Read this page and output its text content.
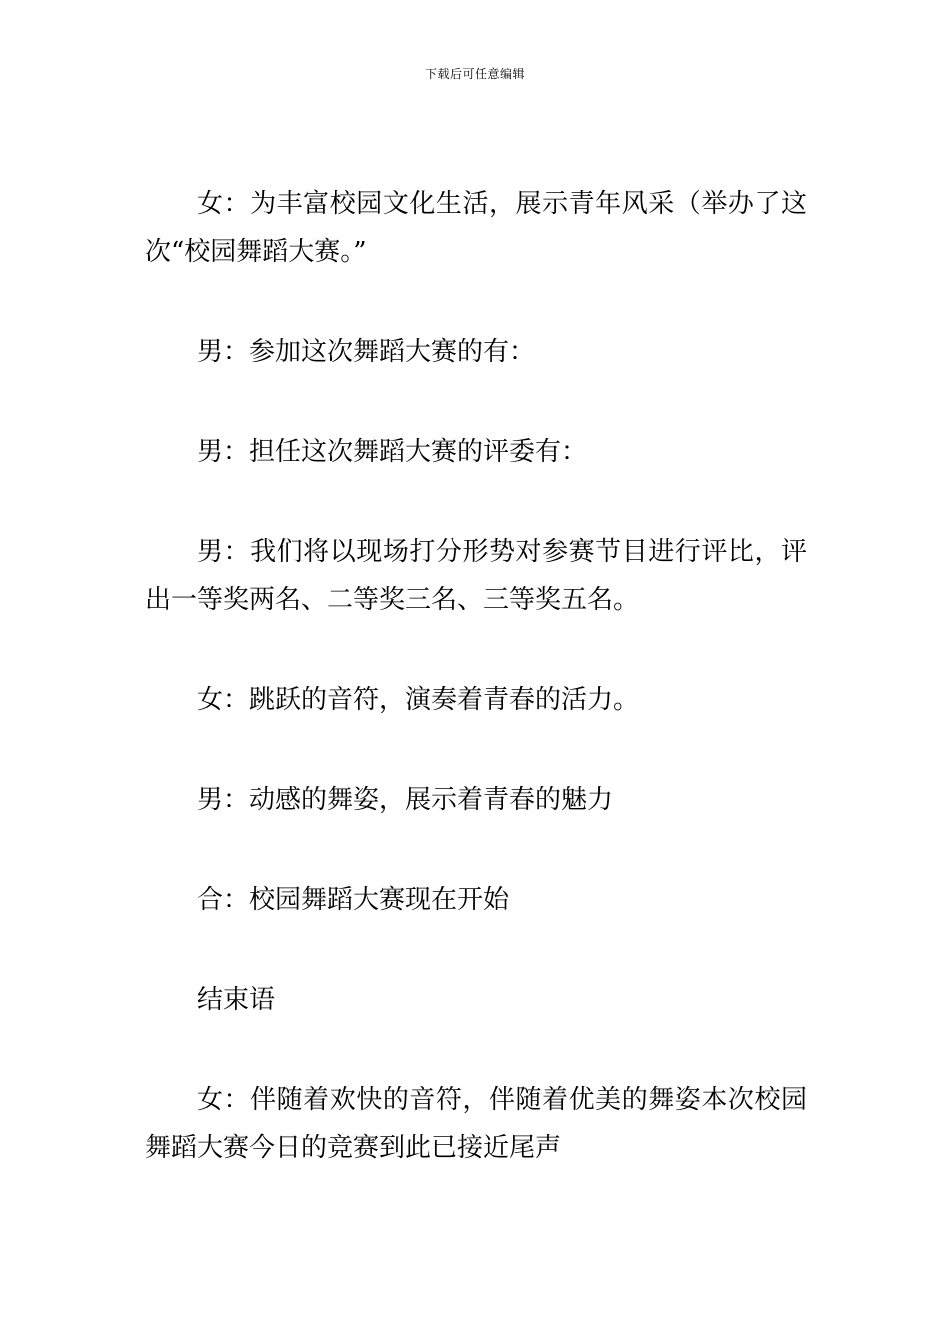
下载后可任意编辑

女：为丰富校园文化生活，展示青年风采（举办了这次“校园舞蹈大赛。”

男：参加这次舞蹈大赛的有：

男：担任这次舞蹈大赛的评委有：

男：我们将以现场打分形势对参赛节目进行评比，评出一等奖两名、二等奖三名、三等奖五名。

女：跳跃的音符，演奏着青春的活力。

男：动感的舞姿，展示着青春的魅力

合：校园舞蹈大赛现在开始

结束语

女：伴随着欢快的音符，伴随着优美的舞姿本次校园舞蹈大赛今日的竞赛到此已接近尾声
